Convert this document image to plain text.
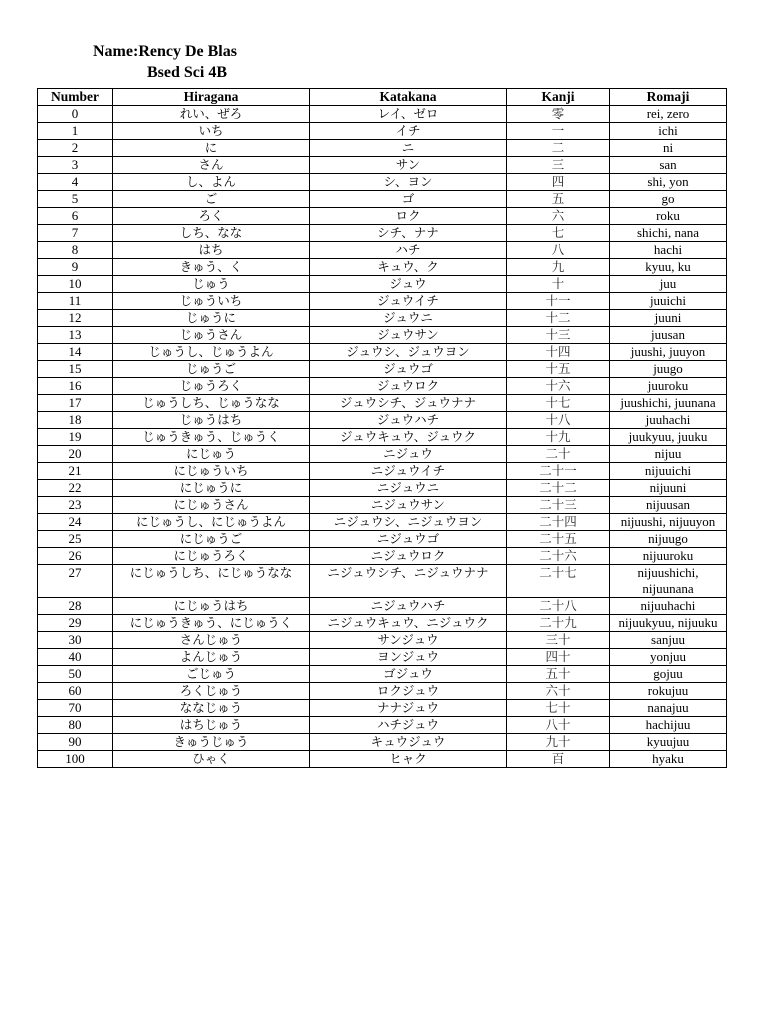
Name:Rency De Blas
Bsed Sci 4B
Number	Hiragana	Katakana	Kanji	Romaji
0	れい、ぜろ	レイ、ゼロ	零	rei, zero
1	いち	イチ	一	ichi
2	に	ニ	二	ni
3	さん	サン	三	san
4	し、よん	シ、ヨン	四	shi, yon
5	ご	ゴ	五	go
6	ろく	ロク	六	roku
7	しち、なな	シチ、ナナ	七	shichi, nana
8	はち	ハチ	八	hachi
9	きゅう、く	キュウ、ク	九	kyuu, ku
10	じゅう	ジュウ	十	juu
11	じゅういち	ジュウイチ	十一	juuichi
12	じゅうに	ジュウニ	十二	juuni
13	じゅうさん	ジュウサン	十三	juusan
14	じゅうし、じゅうよん	ジュウシ、ジュウヨン	十四	juushi, juuyon
15	じゅうご	ジュウゴ	十五	juugo
16	じゅうろく	ジュウロク	十六	juuroku
17	じゅうしち、じゅうなな	ジュウシチ、ジュウナナ	十七	juushichi, juunana
18	じゅうはち	ジュウハチ	十八	juuhachi
19	じゅうきゅう、じゅうく	ジュウキュウ、ジュウク	十九	juukyuu, juuku
20	にじゅう	ニジュウ	二十	nijuu
21	にじゅういち	ニジュウイチ	二十一	nijuuichi
22	にじゅうに	ニジュウニ	二十二	nijuuni
23	にじゅうさん	ニジュウサン	二十三	nijuusan
24	にじゅうし、にじゅうよん	ニジュウシ、ニジュウヨン	二十四	nijuushi, nijuuyon
25	にじゅうご	ニジュウゴ	二十五	nijuugo
26	にじゅうろく	ニジュウロク	二十六	nijuuroku
27	にじゅうしち、にじゅうなな	ニジュウシチ、ニジュウナナ	二十七	nijuushichi, nijuunana
28	にじゅうはち	ニジュウハチ	二十八	nijuuhachi
29	にじゅうきゅう、にじゅうく	ニジュウキュウ、ニジュウク	二十九	nijuukyuu, nijuuku
30	さんじゅう	サンジュウ	三十	sanjuu
40	よんじゅう	ヨンジュウ	四十	yonjuu
50	ごじゅう	ゴジュウ	五十	gojuu
60	ろくじゅう	ロクジュウ	六十	rokujuu
70	ななじゅう	ナナジュウ	七十	nanajuu
80	はちじゅう	ハチジュウ	八十	hachijuu
90	きゅうじゅう	キュウジュウ	九十	kyuujuu
100	ひゃく	ヒャク	百	hyaku
